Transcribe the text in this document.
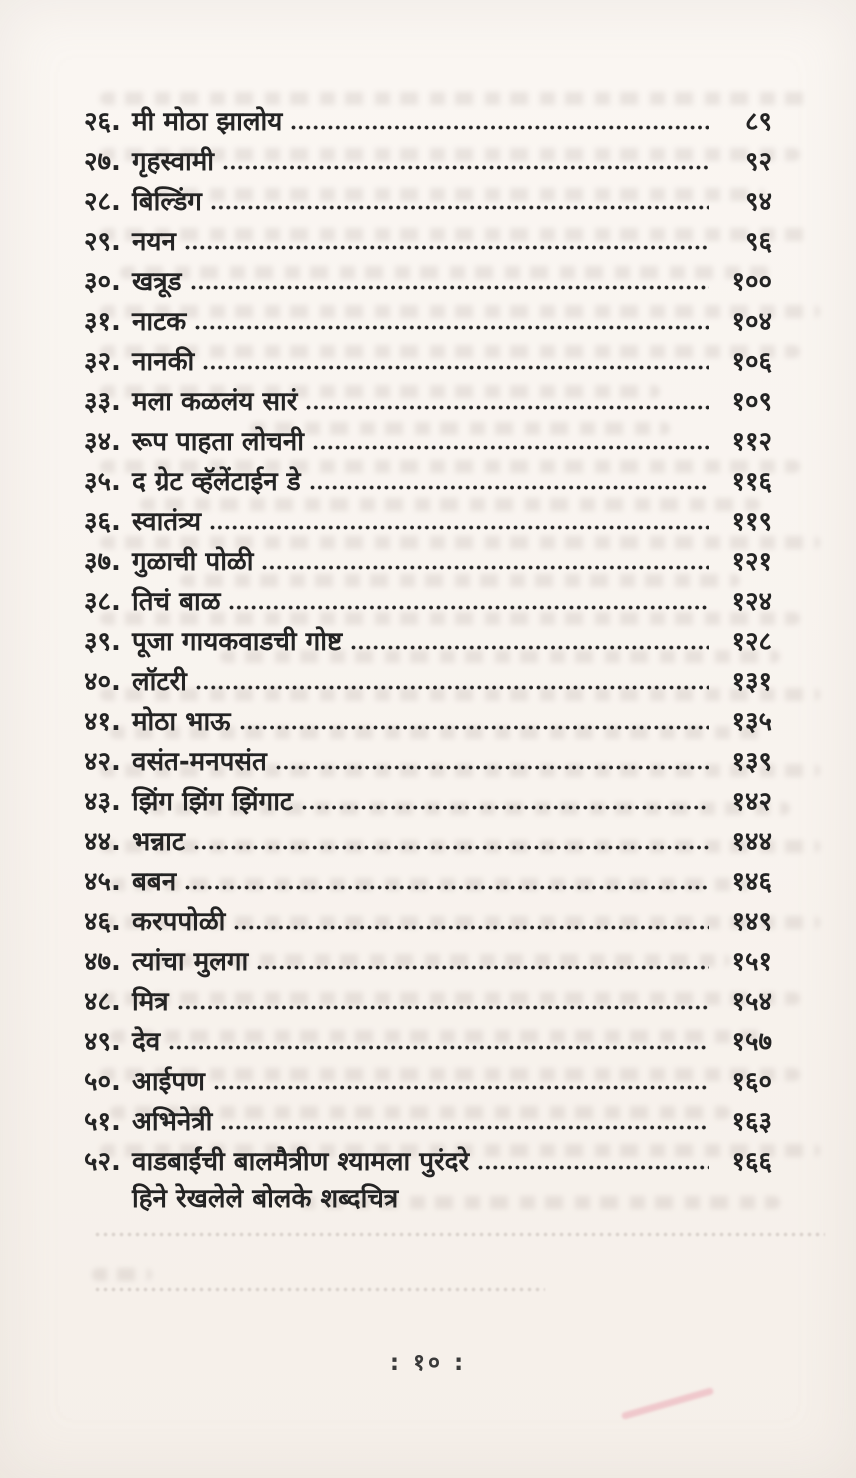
२६. मी मोठा झालोय	८९
२७. गृहस्वामी	९२
२८. बिल्डिंग	९४
२९. नयन	९६
३०. खत्रूड	१००
३१. नाटक	१०४
३२. नानकी	१०६
३३. मला कळलंय सारं	१०९
३४. रूप पाहता लोचनी	११२
३५. द ग्रेट व्हॅलेंटाईन डे	११६
३६. स्वातंत्र्य	११९
३७. गुळाची पोळी	१२१
३८. तिचं बाळ	१२४
३९. पूजा गायकवाडची गोष्ट	१२८
४०. लॉटरी	१३१
४१. मोठा भाऊ	१३५
४२. वसंत-मनपसंत	१३९
४३. झिंग झिंग झिंगाट	१४२
४४. भन्नाट	१४४
४५. बबन	१४६
४६. करपपोळी	१४९
४७. त्यांचा मुलगा	१५१
४८. मित्र	१५४
४९. देव	१५७
५०. आईपण	१६०
५१. अभिनेत्री	१६३
५२. वाडबाईंची बालमैत्रीण श्यामला पुरंदरे	१६६
हिने रेखलेले बोलके शब्दचित्र
: १० :
